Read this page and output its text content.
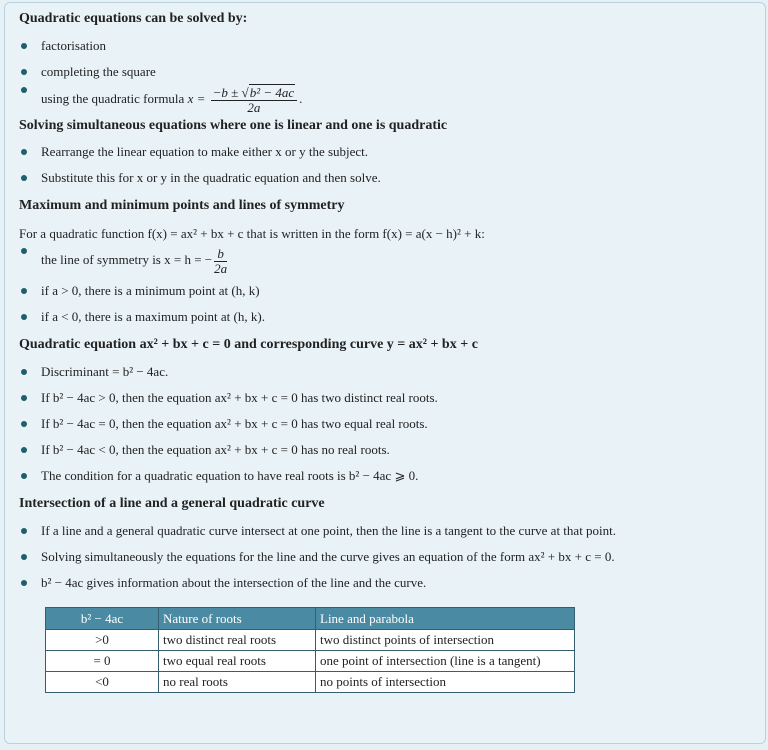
Quadratic equations can be solved by:
factorisation
completing the square
using the quadratic formula $x = \frac{\text{−b ± √b² − 4ac}}{2a}$ .
Solving simultaneous equations where one is linear and one is quadratic
Rearrange the linear equation to make either x or y the subject.
Substitute this for x or y in the quadratic equation and then solve.
Maximum and minimum points and lines of symmetry
For a quadratic function f(x) = ax² + bx + c that is written in the form f(x) = a(x − h)² + k:
the line of symmetry is x = h = − $\frac{b}{2a}$
if a > 0, there is a minimum point at (h, k)
if a < 0, there is a maximum point at (h, k).
Quadratic equation ax² + bx + c = 0 and corresponding curve y = ax² + bx + c
Discriminant = b² − 4ac.
If b² − 4ac > 0, then the equation ax² + bx + c = 0 has two distinct real roots.
If b² − 4ac = 0, then the equation ax² + bx + c = 0 has two equal real roots.
If b² − 4ac < 0, then the equation ax² + bx + c = 0 has no real roots.
The condition for a quadratic equation to have real roots is b² − 4ac ⩾ 0.
Intersection of a line and a general quadratic curve
If a line and a general quadratic curve intersect at one point, then the line is a tangent to the curve at that point.
Solving simultaneously the equations for the line and the curve gives an equation of the form ax² + bx + c = 0.
b² − 4ac gives information about the intersection of the line and the curve.
b² − 4ac	Nature of roots	Line and parabola
>0	two distinct real roots	two distinct points of intersection
= 0	two equal real roots	one point of intersection (line is a tangent)
<0	no real roots	no points of intersection
